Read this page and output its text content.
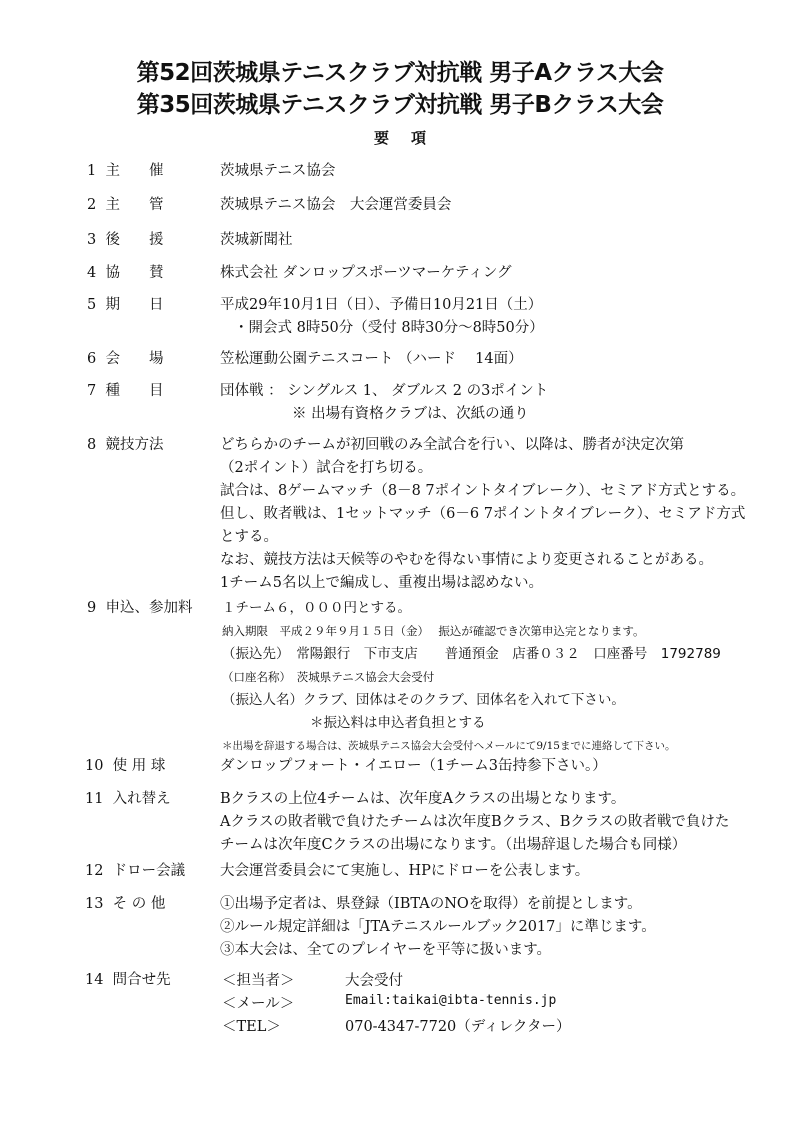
第52回茨城県テニスクラブ対抗戦 男子Aクラス大会
第35回茨城県テニスクラブ対抗戦 男子Bクラス大会
要項
1  主　　催	茨城県テニス協会
2  主　　管	茨城県テニス協会　大会運営委員会
3  後　　援	茨城新聞社
4  協　　賛	株式会社 ダンロップスポーツマーケティング
5  期　　日	平成29年10月1日（日）、予備日10月21日（土）
・開会式 8時50分（受付 8時30分～8時50分）
6  会　　場	笠松運動公園テニスコート （ハード　 14面）
7  種　　目	団体戦 ： シングルス 1、 ダブルス 2 の3ポイント
※ 出場有資格クラブは、次紙の通り
8  競技方法	どちらかのチームが初回戦のみ全試合を行い、以降は、勝者が決定次第
（2ポイント）試合を打ち切る。
試合は、8ゲームマッチ（8－8 7ポイントタイブレーク）、セミアド方式とする。
但し、敗者戦は、1セットマッチ（6－6 7ポイントタイブレーク）、セミアド方式
とする。
なお、競技方法は天候等のやむを得ない事情により変更されることがある。
1チーム5名以上で編成し、重複出場は認めない。
9  申込、参加料 １チーム６，０００円とする。
納入期限　平成２９年９月１５日（金）　 振込が確認でき次第申込完となります。
（振込先）　常陽銀行　下市支店　　普通預金　店番０３２　口座番号　1792789
（口座名称）　茨城県テニス協会大会受付
（振込人名）クラブ、団体はそのクラブ、団体名を入れて下さい。
＊振込料は申込者負担とする
＊出場を辞退する場合は、茨城県テニス協会大会受付へメールにて9/15までに連絡して下さい。
10  使 用 球	ダンロップフォート・イエロー（1チーム3缶持参下さい。）
11  入れ替え	Bクラスの上位4チームは、次年度Aクラスの出場となります。
Aクラスの敗者戦で負けたチームは次年度Bクラス、Bクラスの敗者戦で負けた
チームは次年度Cクラスの出場になります。（出場辞退した場合も同様）
12  ドロー会議 大会運営委員会にて実施し、HPにドローを公表します。
13  そ の 他	①出場予定者は、県登録（IBTAのNOを取得）を前提とします。
②ルール規定詳細は「JTAテニスルールブック2017」に準じます。
③本大会は、全てのプレイヤーを平等に扱います。
14  問合せ先	＜担当者＞	大会受付
＜メール＞	Email:taikai@ibta-tennis.jp
＜TEL＞	070-4347-7720（ディレクター）
